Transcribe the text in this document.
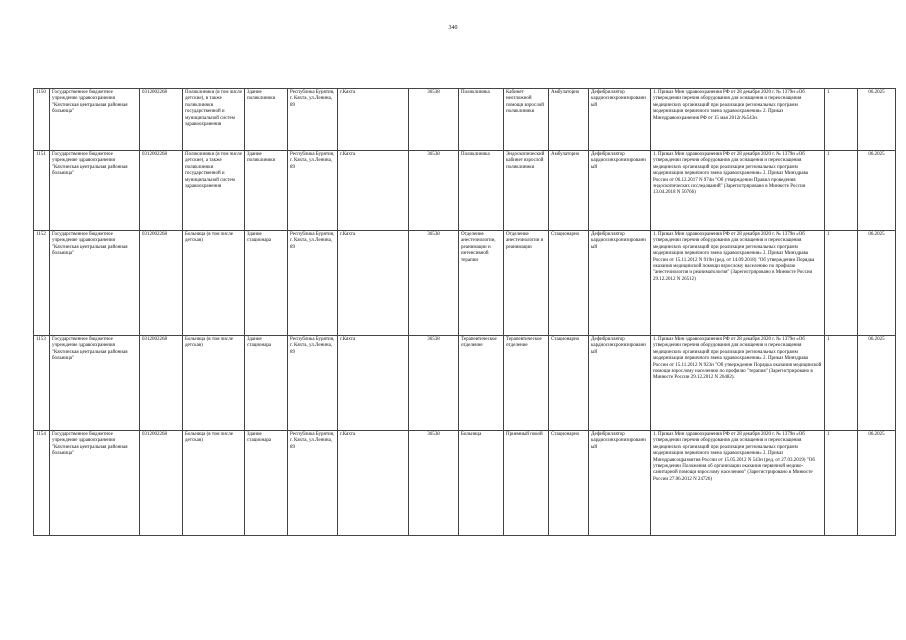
340
1150	Государственное бюджетное учреждение здравоохранения "Кяхтинская центральная районная больница"	0312002268	Поликлиники (в том числе детские), в также поликлиники государственной и муниципальной систем здравоохранения	Здание поликлиники	Республика Бурятия, г. Кяхта, ул.Ленина, 89	г.Кяхта	36538	Поликлиника	Кабинет неотложной помощи взрослой поликлиники	Амбулаторно	Дефибриллятор кардиосинхронизированный	1. Приказ Мин здравоохранения РФ от 28 декабря 2020 г. № 1379н «Об утверждении перечня оборудования для оснащения и переоснащения медицинских организаций при реализации региональных программ модернизации первичного звена здравоохранения» 2. Приказ Минздравоохранения РФ от 15 мая 2012г.№543н.	1	06.2025
1151	Государственное бюджетное учреждение здравоохранения "Кяхтинская центральная районная больница"	0312002268	Поликлиники (в том числе детские), а также поликлиники государственной и муниципальной систем здравоохранения	Здание поликлиники	Республика Бурятия, г. Кяхта, ул.Ленина, 89	г.Кяхта	36538	Поликлиника	Эндоскопический кабинет взрослой поликлиники	Амбулаторно	Дефибриллятор кардиосинхронизированный	1. Приказ Мин здравоохранения РФ от 28 декабря 2020 г. № 1379н «Об утверждении перечня оборудования для оснащения и переоснащения медицинских организаций при реализации региональных программ модернизации первичного звена здравоохранения» 2. Приказ Минздрава России от 06.12.2017 N 974н "Об утверждении Правил проведения эндоскопических исследований" (Зарегистрировано в Минюсте России 13.04.2018 N 50766)	1	06.2025
1152	Государственное бюджетное учреждение здравоохранения "Кяхтинская центральная районная больница"	0312002268	Больница (в том числе детская)	Здание стационара	Республика Бурятия, г. Кяхта, ул.Ленина, 89	г.Кяхта	36538	Отделение анестезиологии, реанимации и интенсивной терапии	Отделение анестезиологии и реанимации	Стационарно	Дефибриллятор кардиосинхронизированный	1. Приказ Мин здравоохранения РФ от 28 декабря 2020 г. № 1379н «Об утверждении перечня оборудования для оснащения и переоснащения медицинских организаций при реализации региональных программ модернизации первичного звена здравоохранения» 2. Приказ Минздрава России от 15.11.2012 N 919н (ред. от 14.09.2018) "Об утверждении Порядка оказания медицинской помощи взрослому населению по профилю "анестезиология и реаниматология" (Зарегистрировано в Минюсте России 29.12.2012 N 26512)	1	06.2025
1153	Государственное бюджетное учреждение здравоохранения "Кяхтинская центральная районная больница"	0312002268	Больница (в том числе детская)	Здание стационара	Республика Бурятия, г. Кяхта, ул.Ленина, 89	г.Кяхта	36538	Терапевтическое отделение	Терапевтическое отделение	Стационарно	Дефибриллятор кардиосинхронизированный	1. Приказ Мин здравоохранения РФ от 28 декабря 2020 г. № 1379н «Об утверждении перечня оборудования для оснащения и переоснащения медицинских организаций при реализации региональных программ модернизации первичного звена здравоохранения» 2. Приказ Минздрава России от 15.11.2012 N 923н "Об утверждении Порядка оказания медицинской помощи взрослому населению по профилю "терапия" (Зарегистрировано в Минюсте России 29.12.2012 N 26482).	1	06.2025
1154	Государственное бюджетное учреждение здравоохранения "Кяхтинская центральная районная больница"	0312002268	Больница (в том числе детская)	Здание стационара	Республика Бурятия, г. Кяхта, ул.Ленина, 89	г.Кяхта	36538	Больница	Приемный покой	Стационарно	Дефибриллятор кардиосинхронизированный	1. Приказ Мин здравоохранения РФ от 28 декабря 2020 г. № 1379н «Об утверждении перечня оборудования для оснащения и переоснащения медицинских организаций при реализации региональных программ модернизации первичного звена здравоохранения» 2. Приказ Минздравсоцразвития России от 15.05.2012 N 543н (ред. от 27.03.2019) "Об утверждении Положения об организации оказания первичной медико-санитарной помощи взрослому населению" (Зарегистрировано в Минюсте России 27.06.2012 N 24726)	1	06.2025
